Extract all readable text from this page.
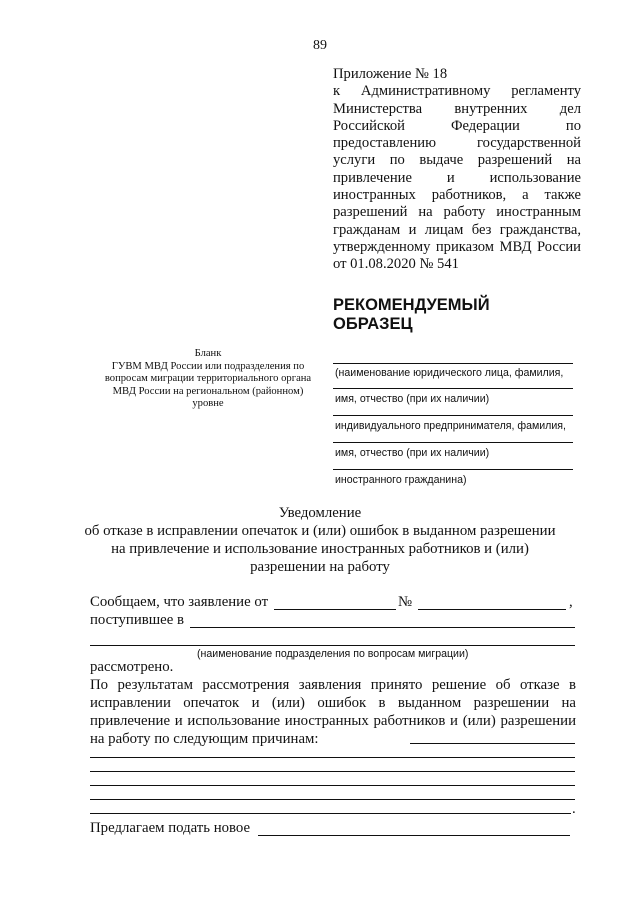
89
Приложение № 18
к Административному регламенту Министерства внутренних дел Российской Федерации по предоставлению государственной услуги по выдаче разрешений на привлечение и использование иностранных работников, а также разрешений на работу иностранным гражданам и лицам без гражданства, утвержденному приказом МВД России от 01.08.2020 № 541
РЕКОМЕНДУЕМЫЙ
ОБРАЗЕЦ
Бланк
ГУВМ МВД России или подразделения по вопросам миграции территориального органа МВД России на региональном (районном) уровне
(наименование юридического лица, фамилия,
имя, отчество (при их наличии)
индивидуального предпринимателя, фамилия,
имя, отчество (при их наличии)
иностранного гражданина)
Уведомление
об отказе в исправлении опечаток и (или) ошибок в выданном разрешении
на привлечение и использование иностранных работников и (или)
разрешении на работу
Сообщаем, что заявление от	№	,
поступившее в
(наименование подразделения по вопросам миграции)
рассмотрено.
По результатам рассмотрения заявления принято решение об отказе в исправлении опечаток и (или) ошибок в выданном разрешении на привлечение и использование иностранных работников и (или) разрешении на работу по следующим причинам:
.
Предлагаем подать новое
